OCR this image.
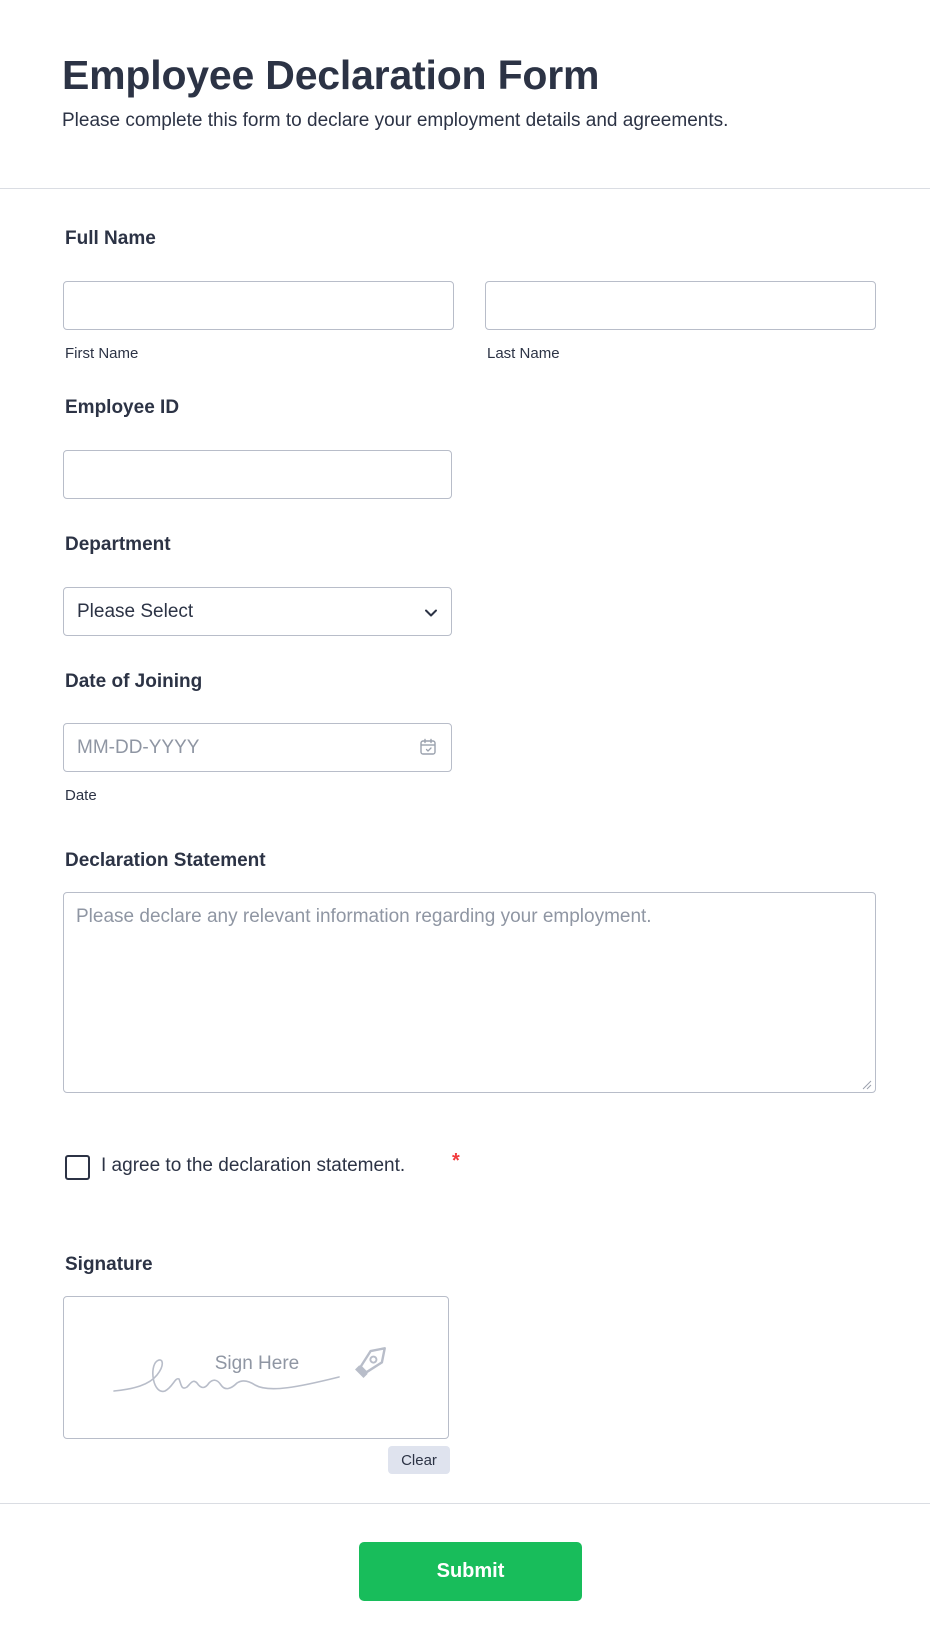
Employee Declaration Form

Please complete this form to declare your employment details and agreements.

Full Name
First Name	Last Name
Employee ID
Department
Please Select
Date of Joining
MM-DD-YYYY
Date
Declaration Statement
Please declare any relevant information regarding your employment.
I agree to the declaration statement. *
Signature
Sign Here
Clear
Submit
